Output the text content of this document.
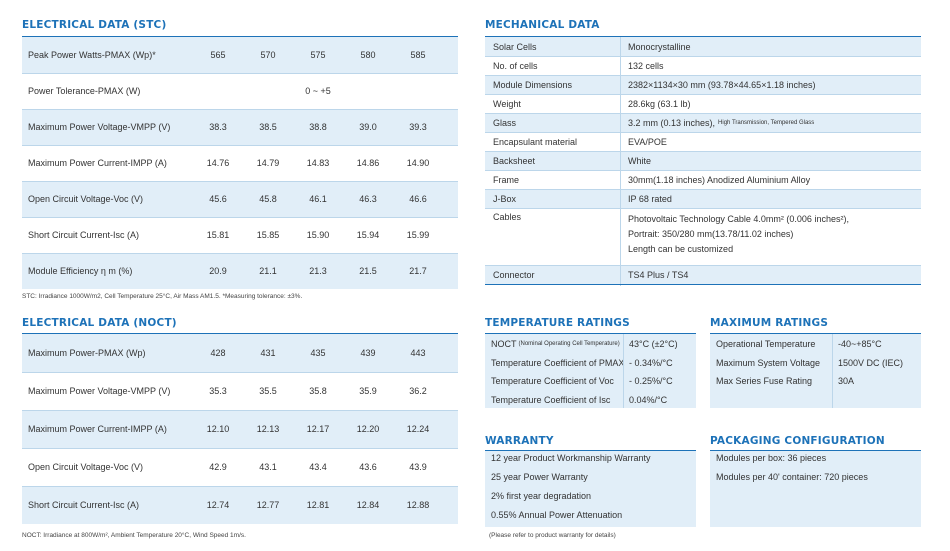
ELECTRICAL DATA (STC)
Peak Power Watts-PMAX (Wp)*	565	570	575	580	585
Power Tolerance-PMAX (W)	0 ~ +5
Maximum Power Voltage-VMPP (V)	38.3	38.5	38.8	39.0	39.3
Maximum Power Current-IMPP (A)	14.76	14.79	14.83	14.86	14.90
Open Circuit Voltage-Voc (V)	45.6	45.8	46.1	46.3	46.6
Short Circuit Current-Isc (A)	15.81	15.85	15.90	15.94	15.99
Module Efficiency η m (%)	20.9	21.1	21.3	21.5	21.7
STC: Irradiance 1000W/m2, Cell Temperature 25°C, Air Mass AM1.5. *Measuring tolerance: ±3%.
ELECTRICAL DATA (NOCT)
Maximum Power-PMAX (Wp)	428	431	435	439	443
Maximum Power Voltage-VMPP (V)	35.3	35.5	35.8	35.9	36.2
Maximum Power Current-IMPP (A)	12.10	12.13	12.17	12.20	12.24
Open Circuit Voltage-Voc (V)	42.9	43.1	43.4	43.6	43.9
Short Circuit Current-Isc (A)	12.74	12.77	12.81	12.84	12.88
NOCT: Irradiance at 800W/m², Ambient Temperature 20°C, Wind Speed 1m/s.
MECHANICAL DATA
Solar Cells	Monocrystalline
No. of cells	132 cells
Module Dimensions	2382×1134×30 mm (93.78×44.65×1.18 inches)
Weight	28.6kg (63.1 lb)
Glass	3.2 mm (0.13 inches), High Transmission, Tempered Glass
Encapsulant material	EVA/POE
Backsheet	White
Frame	30mm(1.18 inches) Anodized Aluminium Alloy
J-Box	IP 68 rated
Cables	Photovoltaic Technology Cable 4.0mm² (0.006 inches²),
Portrait: 350/280 mm(13.78/11.02 inches)
Length can be customized
Connector	TS4 Plus / TS4
TEMPERATURE RATINGS
NOCT (Nominal Operating Cell Temperature) 43°C (±2°C)
Temperature Coefficient of PMAX - 0.34%/°C
Temperature Coefficient of Voc - 0.25%/°C
Temperature Coefficient of Isc 0.04%/°C
MAXIMUM RATINGS
Operational Temperature	-40~+85°C
Maximum System Voltage 1500V DC (IEC)
Max Series Fuse Rating	30A
WARRANTY
12 year Product Workmanship Warranty
25 year Power Warranty
2% first year degradation
0.55% Annual Power Attenuation
(Please refer to product warranty for details)
PACKAGING CONFIGURATION
Modules per box: 36 pieces
Modules per 40' container: 720 pieces
